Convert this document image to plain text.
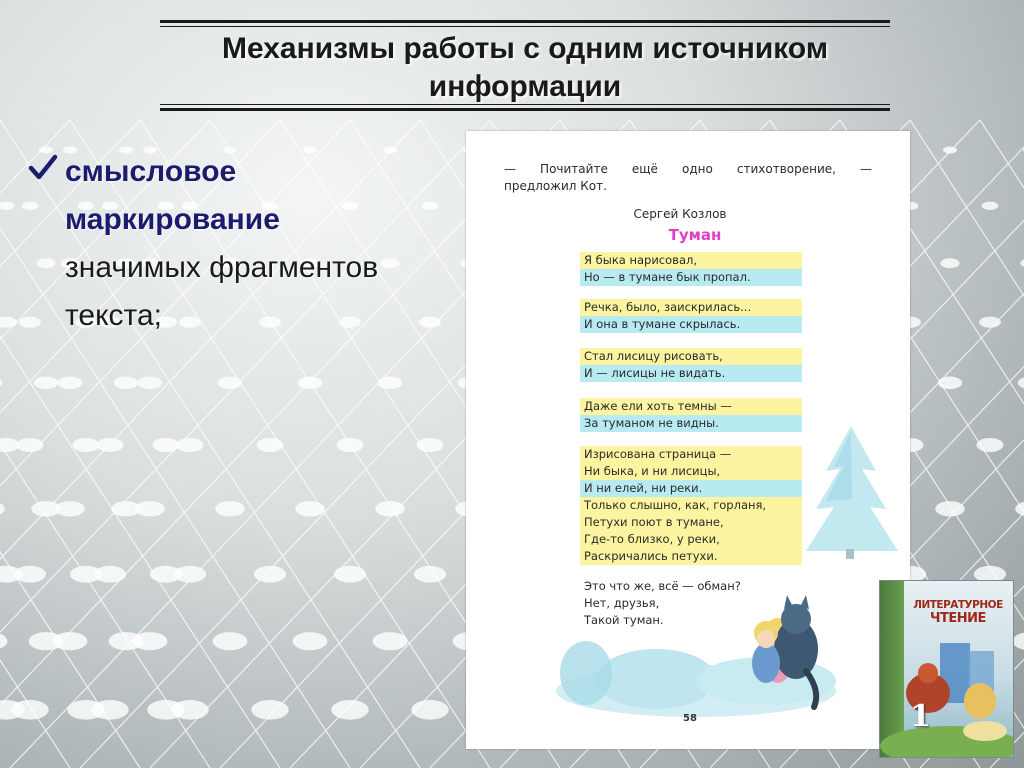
Механизмы работы с одним источником
информации
смысловое
маркирование
значимых фрагментов
текста;
— Почитайте ещё одно стихотворение, —
предложил Кот.
Сергей Козлов
Туман
Я быка нарисовал,
Но — в тумане бык пропал.
Речка, было, заискрилась...
И она в тумане скрылась.
Стал лисицу рисовать,
И — лисицы не видать.
Даже ели хоть темны —
За туманом не видны.
Изрисована страница —
Ни быка, и ни лисицы,
И ни елей, ни реки.
Только слышно, как, горланя,
Петухи поют в тумане,
Где-то близко, у реки,
Раскричались петухи.
Это что же, всё — обман?
Нет, друзья,
Такой туман.
58
ЛИТЕРАТУРНОЕ
ЧТЕНИЕ
1
